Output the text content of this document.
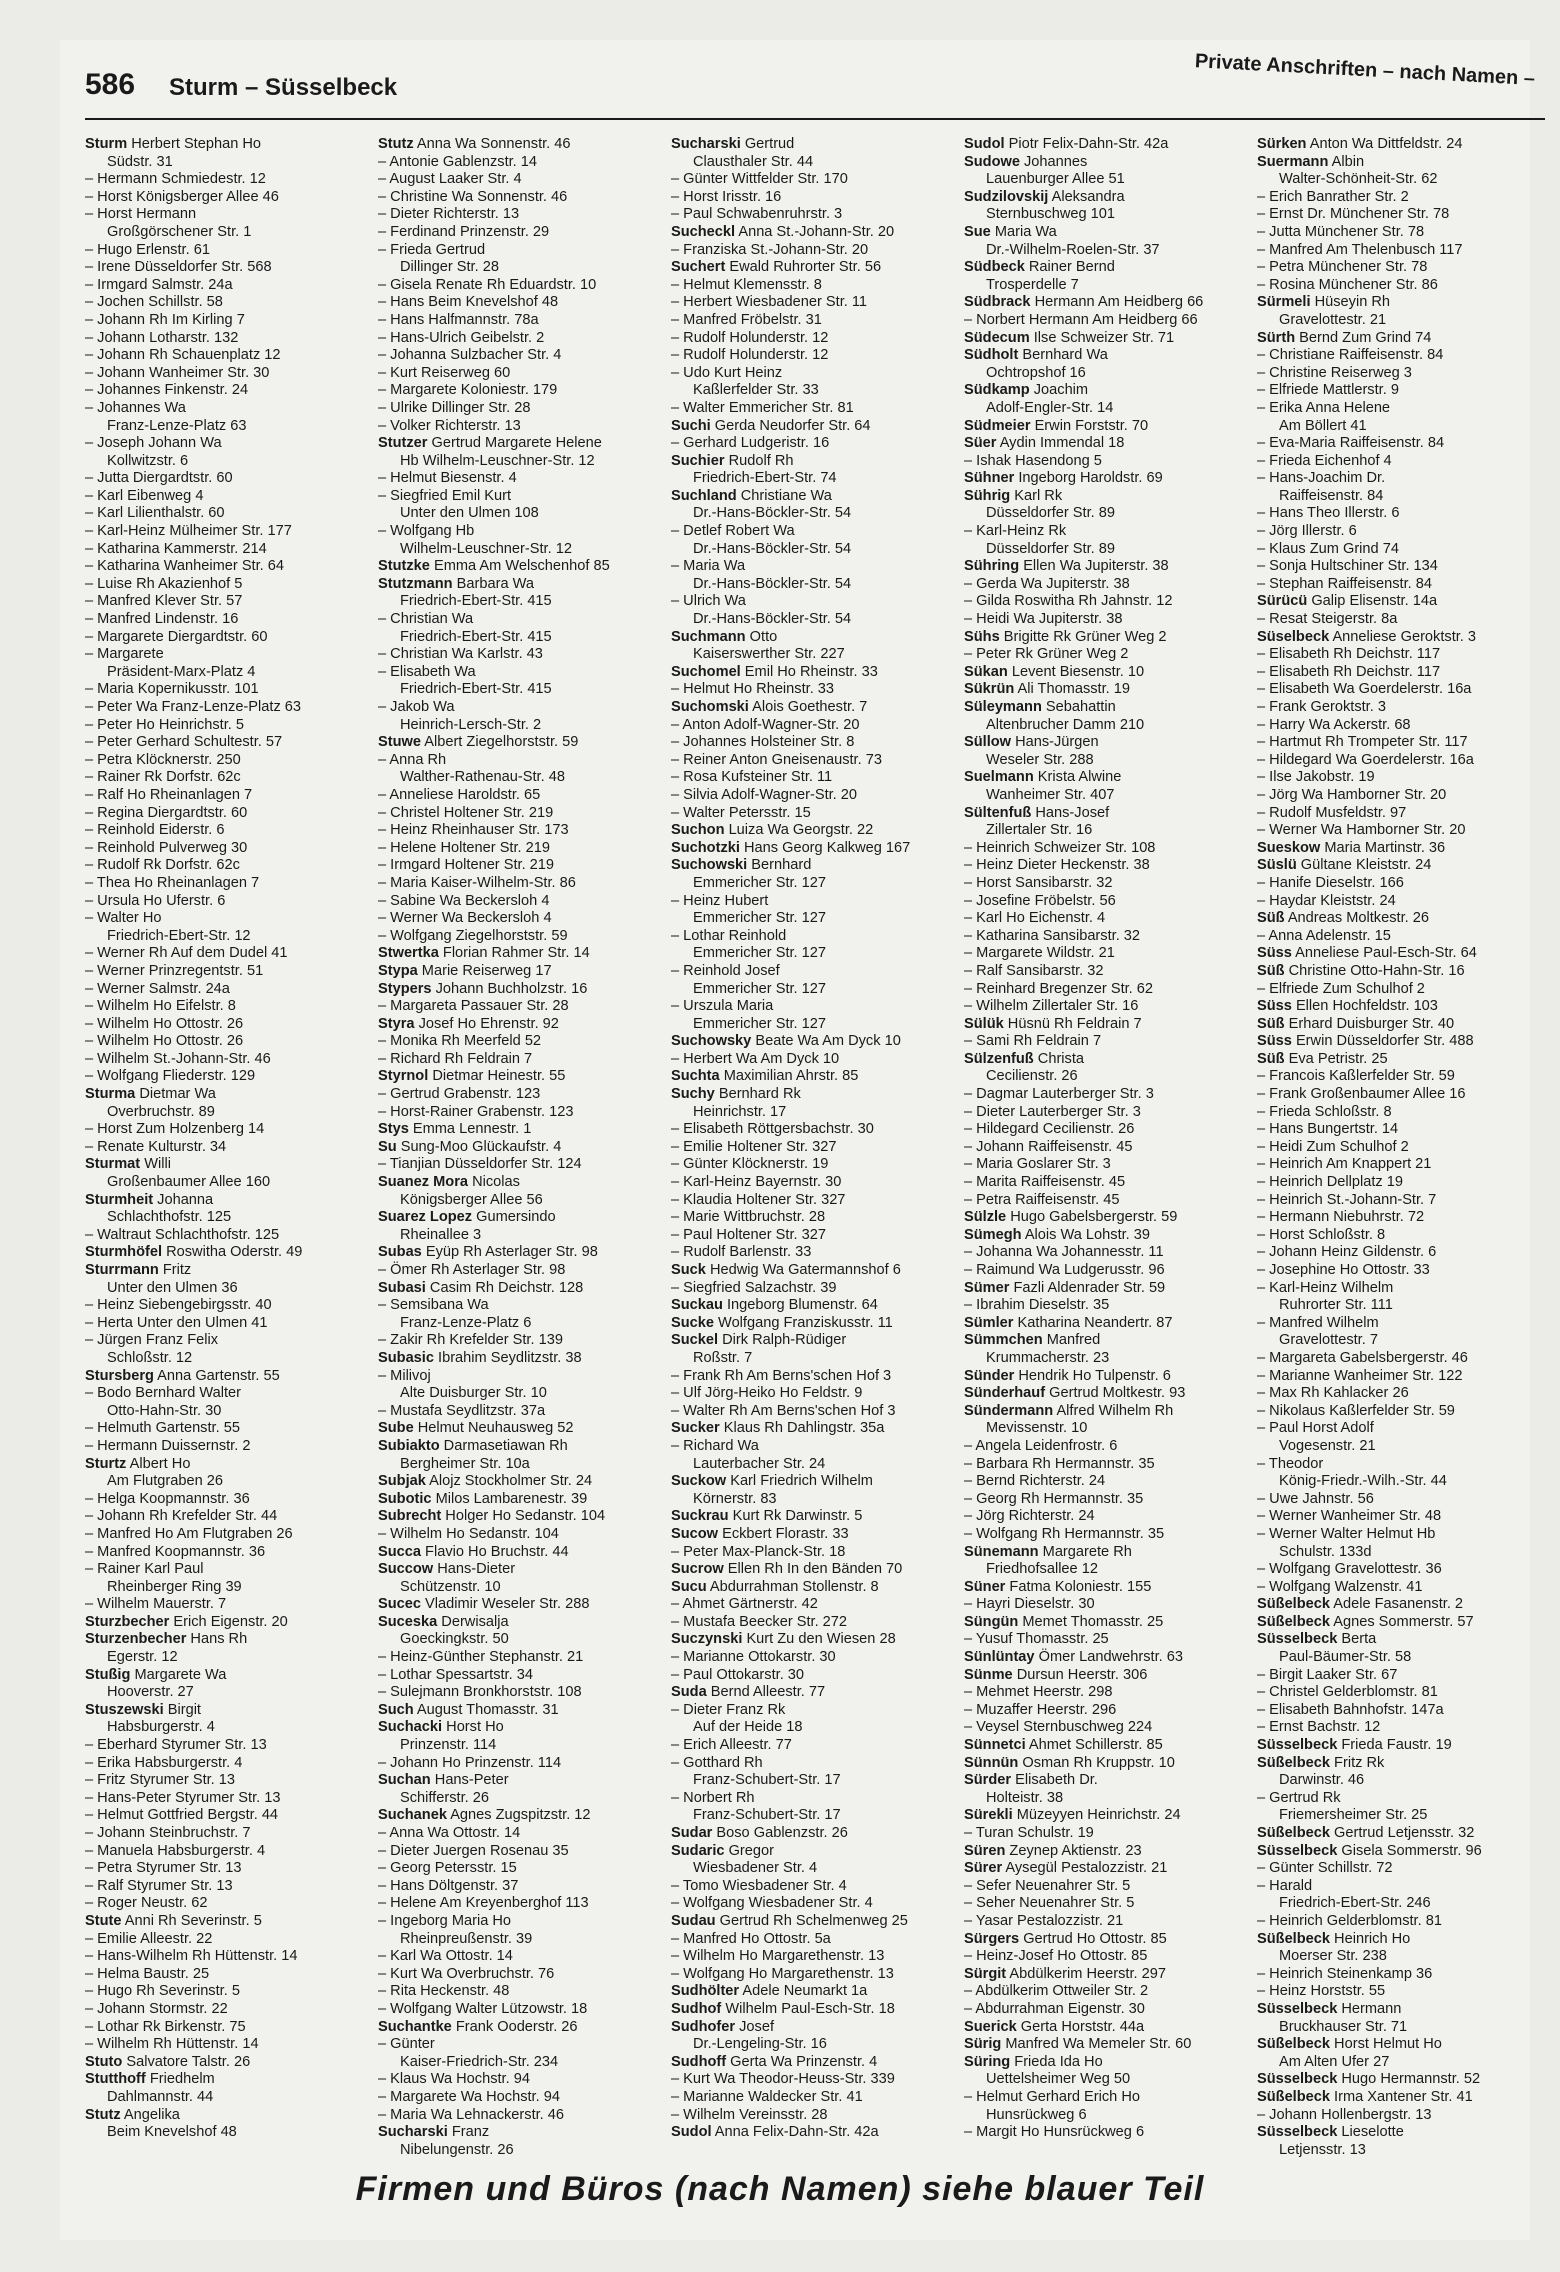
586 Sturm – Süsselbeck	Private Anschriften – nach Namen –
Sturm Herbert Stephan Ho
Südstr. 31
– Hermann Schmiedestr. 12
– Horst Königsberger Allee 46
– Horst Hermann
Großgörschener Str. 1
– Hugo Erlenstr. 61
– Irene Düsseldorfer Str. 568
– Irmgard Salmstr. 24a
– Jochen Schillstr. 58
– Johann Rh Im Kirling 7
– Johann Lotharstr. 132
– Johann Rh Schauenplatz 12
– Johann Wanheimer Str. 30
– Johannes Finkenstr. 24
– Johannes Wa
Franz-Lenze-Platz 63
– Joseph Johann Wa
Kollwitzstr. 6
– Jutta Diergardtstr. 60
– Karl Eibenweg 4
– Karl Lilienthalstr. 60
– Karl-Heinz Mülheimer Str. 177
– Katharina Kammerstr. 214
– Katharina Wanheimer Str. 64
– Luise Rh Akazienhof 5
– Manfred Klever Str. 57
– Manfred Lindenstr. 16
– Margarete Diergardtstr. 60
– Margarete
Präsident-Marx-Platz 4
– Maria Kopernikusstr. 101
– Peter Wa Franz-Lenze-Platz 63
– Peter Ho Heinrichstr. 5
– Peter Gerhard Schultestr. 57
– Petra Klöcknerstr. 250
– Rainer Rk Dorfstr. 62c
– Ralf Ho Rheinanlagen 7
– Regina Diergardtstr. 60
– Reinhold Eiderstr. 6
– Reinhold Pulverweg 30
– Rudolf Rk Dorfstr. 62c
– Thea Ho Rheinanlagen 7
– Ursula Ho Uferstr. 6
– Walter Ho
Friedrich-Ebert-Str. 12
– Werner Rh Auf dem Dudel 41
– Werner Prinzregentstr. 51
– Werner Salmstr. 24a
– Wilhelm Ho Eifelstr. 8
– Wilhelm Ho Ottostr. 26
– Wilhelm Ho Ottostr. 26
– Wilhelm St.-Johann-Str. 46
– Wolfgang Fliederstr. 129
Sturma Dietmar Wa
Overbruchstr. 89
– Horst Zum Holzenberg 14
– Renate Kulturstr. 34
Sturmat Willi
Großenbaumer Allee 160
Sturmheit Johanna
Schlachthofstr. 125
– Waltraut Schlachthofstr. 125
Sturmhöfel Roswitha Oderstr. 49
Sturrmann Fritz
Unter den Ulmen 36
– Heinz Siebengebirgsstr. 40
– Herta Unter den Ulmen 41
– Jürgen Franz Felix
Schloßstr. 12
Stursberg Anna Gartenstr. 55
– Bodo Bernhard Walter
Otto-Hahn-Str. 30
– Helmuth Gartenstr. 55
– Hermann Duissernstr. 2
Sturtz Albert Ho
Am Flutgraben 26
– Helga Koopmannstr. 36
– Johann Rh Krefelder Str. 44
– Manfred Ho Am Flutgraben 26
– Manfred Koopmannstr. 36
– Rainer Karl Paul
Rheinberger Ring 39
– Wilhelm Mauerstr. 7
Sturzbecher Erich Eigenstr. 20
Sturzenbecher Hans Rh
Egerstr. 12
Stußig Margarete Wa
Hooverstr. 27
Stuszewski Birgit
Habsburgerstr. 4
– Eberhard Styrumer Str. 13
– Erika Habsburgerstr. 4
– Fritz Styrumer Str. 13
– Hans-Peter Styrumer Str. 13
– Helmut Gottfried Bergstr. 44
– Johann Steinbruchstr. 7
– Manuela Habsburgerstr. 4
– Petra Styrumer Str. 13
– Ralf Styrumer Str. 13
– Roger Neustr. 62
Stute Anni Rh Severinstr. 5
– Emilie Alleestr. 22
– Hans-Wilhelm Rh Hüttenstr. 14
– Helma Baustr. 25
– Hugo Rh Severinstr. 5
– Johann Stormstr. 22
– Lothar Rk Birkenstr. 75
– Wilhelm Rh Hüttenstr. 14
Stuto Salvatore Talstr. 26
Stutthoff Friedhelm
Dahlmannstr. 44
Stutz Angelika
Beim Knevelshof 48
Stutz Anna Wa Sonnenstr. 46
– Antonie Gablenzstr. 14
– August Laaker Str. 4
– Christine Wa Sonnenstr. 46
– Dieter Richterstr. 13
– Ferdinand Prinzenstr. 29
– Frieda Gertrud
Dillinger Str. 28
– Gisela Renate Rh Eduardstr. 10
– Hans Beim Knevelshof 48
– Hans Halfmannstr. 78a
– Hans-Ulrich Geibelstr. 2
– Johanna Sulzbacher Str. 4
– Kurt Reiserweg 60
– Margarete Koloniestr. 179
– Ulrike Dillinger Str. 28
– Volker Richterstr. 13
Stutzer Gertrud Margarete Helene
Hb Wilhelm-Leuschner-Str. 12
– Helmut Biesenstr. 4
– Siegfried Emil Kurt
Unter den Ulmen 108
– Wolfgang Hb
Wilhelm-Leuschner-Str. 12
Stutzke Emma Am Welschenhof 85
Stutzmann Barbara Wa
Friedrich-Ebert-Str. 415
– Christian Wa
Friedrich-Ebert-Str. 415
– Christian Wa Karlstr. 43
– Elisabeth Wa
Friedrich-Ebert-Str. 415
– Jakob Wa
Heinrich-Lersch-Str. 2
Stuwe Albert Ziegelhorststr. 59
– Anna Rh
Walther-Rathenau-Str. 48
– Anneliese Haroldstr. 65
– Christel Holtener Str. 219
– Heinz Rheinhauser Str. 173
– Helene Holtener Str. 219
– Irmgard Holtener Str. 219
– Maria Kaiser-Wilhelm-Str. 86
– Sabine Wa Beckersloh 4
– Werner Wa Beckersloh 4
– Wolfgang Ziegelhorststr. 59
Stwertka Florian Rahmer Str. 14
Stypa Marie Reiserweg 17
Stypers Johann Buchholzstr. 16
– Margareta Passauer Str. 28
Styra Josef Ho Ehrenstr. 92
– Monika Rh Meerfeld 52
– Richard Rh Feldrain 7
Styrnol Dietmar Heinestr. 55
– Gertrud Grabenstr. 123
– Horst-Rainer Grabenstr. 123
Stys Emma Lennestr. 1
Su Sung-Moo Glückaufstr. 4
– Tianjian Düsseldorfer Str. 124
Suanez Mora Nicolas
Königsberger Allee 56
Suarez Lopez Gumersindo
Rheinallee 3
Subas Eyüp Rh Asterlager Str. 98
– Ömer Rh Asterlager Str. 98
Subasi Casim Rh Deichstr. 128
– Semsibana Wa
Franz-Lenze-Platz 6
– Zakir Rh Krefelder Str. 139
Subasic Ibrahim Seydlitzstr. 38
– Milivoj
Alte Duisburger Str. 10
– Mustafa Seydlitzstr. 37a
Sube Helmut Neuhausweg 52
Subiakto Darmasetiawan Rh
Bergheimer Str. 10a
Subjak Alojz Stockholmer Str. 24
Subotic Milos Lambarenestr. 39
Subrecht Holger Ho Sedanstr. 104
– Wilhelm Ho Sedanstr. 104
Succa Flavio Ho Bruchstr. 44
Succow Hans-Dieter
Schützenstr. 10
Sucec Vladimir Weseler Str. 288
Suceska Derwisalja
Goeckingkstr. 50
– Heinz-Günther Stephanstr. 21
– Lothar Spessartstr. 34
– Sulejmann Bronkhorststr. 108
Such August Thomasstr. 31
Suchacki Horst Ho
Prinzenstr. 114
– Johann Ho Prinzenstr. 114
Suchan Hans-Peter
Schifferstr. 26
Suchanek Agnes Zugspitzstr. 12
– Anna Wa Ottostr. 14
– Dieter Juergen Rosenau 35
– Georg Petersstr. 15
– Hans Döltgenstr. 37
– Helene Am Kreyenberghof 113
– Ingeborg Maria Ho
Rheinpreußenstr. 39
– Karl Wa Ottostr. 14
– Kurt Wa Overbruchstr. 76
– Rita Heckenstr. 48
– Wolfgang Walter Lützowstr. 18
Suchantke Frank Ooderstr. 26
– Günter
Kaiser-Friedrich-Str. 234
– Klaus Wa Hochstr. 94
– Margarete Wa Hochstr. 94
– Maria Wa Lehnackerstr. 46
Sucharski Franz
Nibelungenstr. 26
Sucharski Gertrud
Clausthaler Str. 44
– Günter Wittfelder Str. 170
– Horst Irisstr. 16
– Paul Schwabenruhrstr. 3
Sucheckl Anna St.-Johann-Str. 20
– Franziska St.-Johann-Str. 20
Suchert Ewald Ruhrorter Str. 56
– Helmut Klemensstr. 8
– Herbert Wiesbadener Str. 11
– Manfred Fröbelstr. 31
– Rudolf Holunderstr. 12
– Rudolf Holunderstr. 12
– Udo Kurt Heinz
Kaßlerfelder Str. 33
– Walter Emmericher Str. 81
Suchi Gerda Neudorfer Str. 64
– Gerhard Ludgeristr. 16
Suchier Rudolf Rh
Friedrich-Ebert-Str. 74
Suchland Christiane Wa
Dr.-Hans-Böckler-Str. 54
– Detlef Robert Wa
Dr.-Hans-Böckler-Str. 54
– Maria Wa
Dr.-Hans-Böckler-Str. 54
– Ulrich Wa
Dr.-Hans-Böckler-Str. 54
Suchmann Otto
Kaiserswerther Str. 227
Suchomel Emil Ho Rheinstr. 33
– Helmut Ho Rheinstr. 33
Suchomski Alois Goethestr. 7
– Anton Adolf-Wagner-Str. 20
– Johannes Holsteiner Str. 8
– Reiner Anton Gneisenaustr. 73
– Rosa Kufsteiner Str. 11
– Silvia Adolf-Wagner-Str. 20
– Walter Petersstr. 15
Suchon Luiza Wa Georgstr. 22
Suchotzki Hans Georg Kalkweg 167
Suchowski Bernhard
Emmericher Str. 127
– Heinz Hubert
Emmericher Str. 127
– Lothar Reinhold
Emmericher Str. 127
– Reinhold Josef
Emmericher Str. 127
– Urszula Maria
Emmericher Str. 127
Suchowsky Beate Wa Am Dyck 10
– Herbert Wa Am Dyck 10
Suchta Maximilian Ahrstr. 85
Suchy Bernhard Rk
Heinrichstr. 17
– Elisabeth Röttgersbachstr. 30
– Emilie Holtener Str. 327
– Günter Klöcknerstr. 19
– Karl-Heinz Bayernstr. 30
– Klaudia Holtener Str. 327
– Marie Wittbruchstr. 28
– Paul Holtener Str. 327
– Rudolf Barlenstr. 33
Suck Hedwig Wa Gatermannshof 6
– Siegfried Salzachstr. 39
Suckau Ingeborg Blumenstr. 64
Sucke Wolfgang Franziskusstr. 11
Suckel Dirk Ralph-Rüdiger
Roßstr. 7
– Frank Rh Am Berns'schen Hof 3
– Ulf Jörg-Heiko Ho Feldstr. 9
– Walter Rh Am Berns'schen Hof 3
Sucker Klaus Rh Dahlingstr. 35a
– Richard Wa
Lauterbacher Str. 24
Suckow Karl Friedrich Wilhelm
Körnerstr. 83
Suckrau Kurt Rk Darwinstr. 5
Sucow Eckbert Florastr. 33
– Peter Max-Planck-Str. 18
Sucrow Ellen Rh In den Bänden 70
Sucu Abdurrahman Stollenstr. 8
– Ahmet Gärtnerstr. 42
– Mustafa Beecker Str. 272
Suczynski Kurt Zu den Wiesen 28
– Marianne Ottokarstr. 30
– Paul Ottokarstr. 30
Suda Bernd Alleestr. 77
– Dieter Franz Rk
Auf der Heide 18
– Erich Alleestr. 77
– Gotthard Rh
Franz-Schubert-Str. 17
– Norbert Rh
Franz-Schubert-Str. 17
Sudar Boso Gablenzstr. 26
Sudaric Gregor
Wiesbadener Str. 4
– Tomo Wiesbadener Str. 4
– Wolfgang Wiesbadener Str. 4
Sudau Gertrud Rh Schelmenweg 25
– Manfred Ho Ottostr. 5a
– Wilhelm Ho Margarethenstr. 13
– Wolfgang Ho Margarethenstr. 13
Sudhölter Adele Neumarkt 1a
Sudhof Wilhelm Paul-Esch-Str. 18
Sudhofer Josef
Dr.-Lengeling-Str. 16
Sudhoff Gerta Wa Prinzenstr. 4
– Kurt Wa Theodor-Heuss-Str. 339
– Marianne Waldecker Str. 41
– Wilhelm Vereinsstr. 28
Sudol Anna Felix-Dahn-Str. 42a
Sudol Piotr Felix-Dahn-Str. 42a
Sudowe Johannes
Lauenburger Allee 51
Sudzilovskij Aleksandra
Sternbuschweg 101
Sue Maria Wa
Dr.-Wilhelm-Roelen-Str. 37
Südbeck Rainer Bernd
Trosperdelle 7
Südbrack Hermann Am Heidberg 66
– Norbert Hermann Am Heidberg 66
Südecum Ilse Schweizer Str. 71
Südholt Bernhard Wa
Ochtropshof 16
Südkamp Joachim
Adolf-Engler-Str. 14
Südmeier Erwin Forststr. 70
Süer Aydin Immendal 18
– Ishak Hasendong 5
Sühner Ingeborg Haroldstr. 69
Sührig Karl Rk
Düsseldorfer Str. 89
– Karl-Heinz Rk
Düsseldorfer Str. 89
Sühring Ellen Wa Jupiterstr. 38
– Gerda Wa Jupiterstr. 38
– Gilda Roswitha Rh Jahnstr. 12
– Heidi Wa Jupiterstr. 38
Sühs Brigitte Rk Grüner Weg 2
– Peter Rk Grüner Weg 2
Sükan Levent Biesenstr. 10
Sükrün Ali Thomasstr. 19
Süleymann Sebahattin
Altenbrucher Damm 210
Süllow Hans-Jürgen
Weseler Str. 288
Suelmann Krista Alwine
Wanheimer Str. 407
Sültenfuß Hans-Josef
Zillertaler Str. 16
– Heinrich Schweizer Str. 108
– Heinz Dieter Heckenstr. 38
– Horst Sansibarstr. 32
– Josefine Fröbelstr. 56
– Karl Ho Eichenstr. 4
– Katharina Sansibarstr. 32
– Margarete Wildstr. 21
– Ralf Sansibarstr. 32
– Reinhard Bregenzer Str. 62
– Wilhelm Zillertaler Str. 16
Sülük Hüsnü Rh Feldrain 7
– Sami Rh Feldrain 7
Sülzenfuß Christa
Cecilienstr. 26
– Dagmar Lauterberger Str. 3
– Dieter Lauterberger Str. 3
– Hildegard Cecilienstr. 26
– Johann Raiffeisenstr. 45
– Maria Goslarer Str. 3
– Marita Raiffeisenstr. 45
– Petra Raiffeisenstr. 45
Sülzle Hugo Gabelsbergerstr. 59
Sümegh Alois Wa Lohstr. 39
– Johanna Wa Johannesstr. 11
– Raimund Wa Ludgerusstr. 96
Sümer Fazli Aldenrader Str. 59
– Ibrahim Dieselstr. 35
Sümler Katharina Neandertr. 87
Sümmchen Manfred
Krummacherstr. 23
Sünder Hendrik Ho Tulpenstr. 6
Sünderhauf Gertrud Moltkestr. 93
Sündermann Alfred Wilhelm Rh
Mevissenstr. 10
– Angela Leidenfrostr. 6
– Barbara Rh Hermannstr. 35
– Bernd Richterstr. 24
– Georg Rh Hermannstr. 35
– Jörg Richterstr. 24
– Wolfgang Rh Hermannstr. 35
Sünemann Margarete Rh
Friedhofsallee 12
Süner Fatma Koloniestr. 155
– Hayri Dieselstr. 30
Süngün Memet Thomasstr. 25
– Yusuf Thomasstr. 25
Sünlüntay Ömer Landwehrstr. 63
Sünme Dursun Heerstr. 306
– Mehmet Heerstr. 298
– Muzaffer Heerstr. 296
– Veysel Sternbuschweg 224
Sünnetci Ahmet Schillerstr. 85
Sünnün Osman Rh Kruppstr. 10
Sürder Elisabeth Dr.
Holteistr. 38
Sürekli Müzeyyen Heinrichstr. 24
– Turan Schulstr. 19
Süren Zeynep Aktienstr. 23
Sürer Aysegül Pestalozzistr. 21
– Sefer Neuenahrer Str. 5
– Seher Neuenahrer Str. 5
– Yasar Pestalozzistr. 21
Sürgers Gertrud Ho Ottostr. 85
– Heinz-Josef Ho Ottostr. 85
Sürgit Abdülkerim Heerstr. 297
– Abdülkerim Ottweiler Str. 2
– Abdurrahman Eigenstr. 30
Suerick Gerta Horststr. 44a
Sürig Manfred Wa Memeler Str. 60
Süring Frieda Ida Ho
Uettelsheimer Weg 50
– Helmut Gerhard Erich Ho
Hunsrückweg 6
– Margit Ho Hunsrückweg 6
Sürken Anton Wa Dittfeldstr. 24
Suermann Albin
Walter-Schönheit-Str. 62
– Erich Banrather Str. 2
– Ernst Dr. Münchener Str. 78
– Jutta Münchener Str. 78
– Manfred Am Thelenbusch 117
– Petra Münchener Str. 78
– Rosina Münchener Str. 86
Sürmeli Hüseyin Rh
Gravelottestr. 21
Sürth Bernd Zum Grind 74
– Christiane Raiffeisenstr. 84
– Christine Reiserweg 3
– Elfriede Mattlerstr. 9
– Erika Anna Helene
Am Böllert 41
– Eva-Maria Raiffeisenstr. 84
– Frieda Eichenhof 4
– Hans-Joachim Dr.
Raiffeisenstr. 84
– Hans Theo Illerstr. 6
– Jörg Illerstr. 6
– Klaus Zum Grind 74
– Sonja Hultschiner Str. 134
– Stephan Raiffeisenstr. 84
Sürücü Galip Elisenstr. 14a
– Resat Steigerstr. 8a
Süselbeck Anneliese Geroktstr. 3
– Elisabeth Rh Deichstr. 117
– Elisabeth Rh Deichstr. 117
– Elisabeth Wa Goerdelerstr. 16a
– Frank Geroktstr. 3
– Harry Wa Ackerstr. 68
– Hartmut Rh Trompeter Str. 117
– Hildegard Wa Goerdelerstr. 16a
– Ilse Jakobstr. 19
– Jörg Wa Hamborner Str. 20
– Rudolf Musfeldstr. 97
– Werner Wa Hamborner Str. 20
Sueskow Maria Martinstr. 36
Süslü Gültane Kleiststr. 24
– Hanife Dieselstr. 166
– Haydar Kleiststr. 24
Süß Andreas Moltkestr. 26
– Anna Adelenstr. 15
Süss Anneliese Paul-Esch-Str. 64
Süß Christine Otto-Hahn-Str. 16
– Elfriede Zum Schulhof 2
Süss Ellen Hochfeldstr. 103
Süß Erhard Duisburger Str. 40
Süss Erwin Düsseldorfer Str. 488
Süß Eva Petristr. 25
– Francois Kaßlerfelder Str. 59
– Frank Großenbaumer Allee 16
– Frieda Schloßstr. 8
– Hans Bungertstr. 14
– Heidi Zum Schulhof 2
– Heinrich Am Knappert 21
– Heinrich Dellplatz 19
– Heinrich St.-Johann-Str. 7
– Hermann Niebuhrstr. 72
– Horst Schloßstr. 8
– Johann Heinz Gildenstr. 6
– Josephine Ho Ottostr. 33
– Karl-Heinz Wilhelm
Ruhrorter Str. 111
– Manfred Wilhelm
Gravelottestr. 7
– Margareta Gabelsbergerstr. 46
– Marianne Wanheimer Str. 122
– Max Rh Kahlacker 26
– Nikolaus Kaßlerfelder Str. 59
– Paul Horst Adolf
Vogesenstr. 21
– Theodor
König-Friedr.-Wilh.-Str. 44
– Uwe Jahnstr. 56
– Werner Wanheimer Str. 48
– Werner Walter Helmut Hb
Schulstr. 133d
– Wolfgang Gravelottestr. 36
– Wolfgang Walzenstr. 41
Süßelbeck Adele Fasanenstr. 2
Süßelbeck Agnes Sommerstr. 57
Süsselbeck Berta
Paul-Bäumer-Str. 58
– Birgit Laaker Str. 67
– Christel Gelderblomstr. 81
– Elisabeth Bahnhofstr. 147a
– Ernst Bachstr. 12
Süsselbeck Frieda Faustr. 19
Süßelbeck Fritz Rk
Darwinstr. 46
– Gertrud Rk
Friemersheimer Str. 25
Süßelbeck Gertrud Letjensstr. 32
Süsselbeck Gisela Sommerstr. 96
– Günter Schillstr. 72
– Harald
Friedrich-Ebert-Str. 246
– Heinrich Gelderblomstr. 81
Süßelbeck Heinrich Ho
Moerser Str. 238
– Heinrich Steinenkamp 36
– Heinz Horststr. 55
Süsselbeck Hermann
Bruckhauser Str. 71
Süßelbeck Horst Helmut Ho
Am Alten Ufer 27
Süsselbeck Hugo Hermannstr. 52
Süßelbeck Irma Xantener Str. 41
– Johann Hollenbergstr. 13
Süsselbeck Lieselotte
Letjensstr. 13
Firmen und Büros (nach Namen) siehe blauer Teil
